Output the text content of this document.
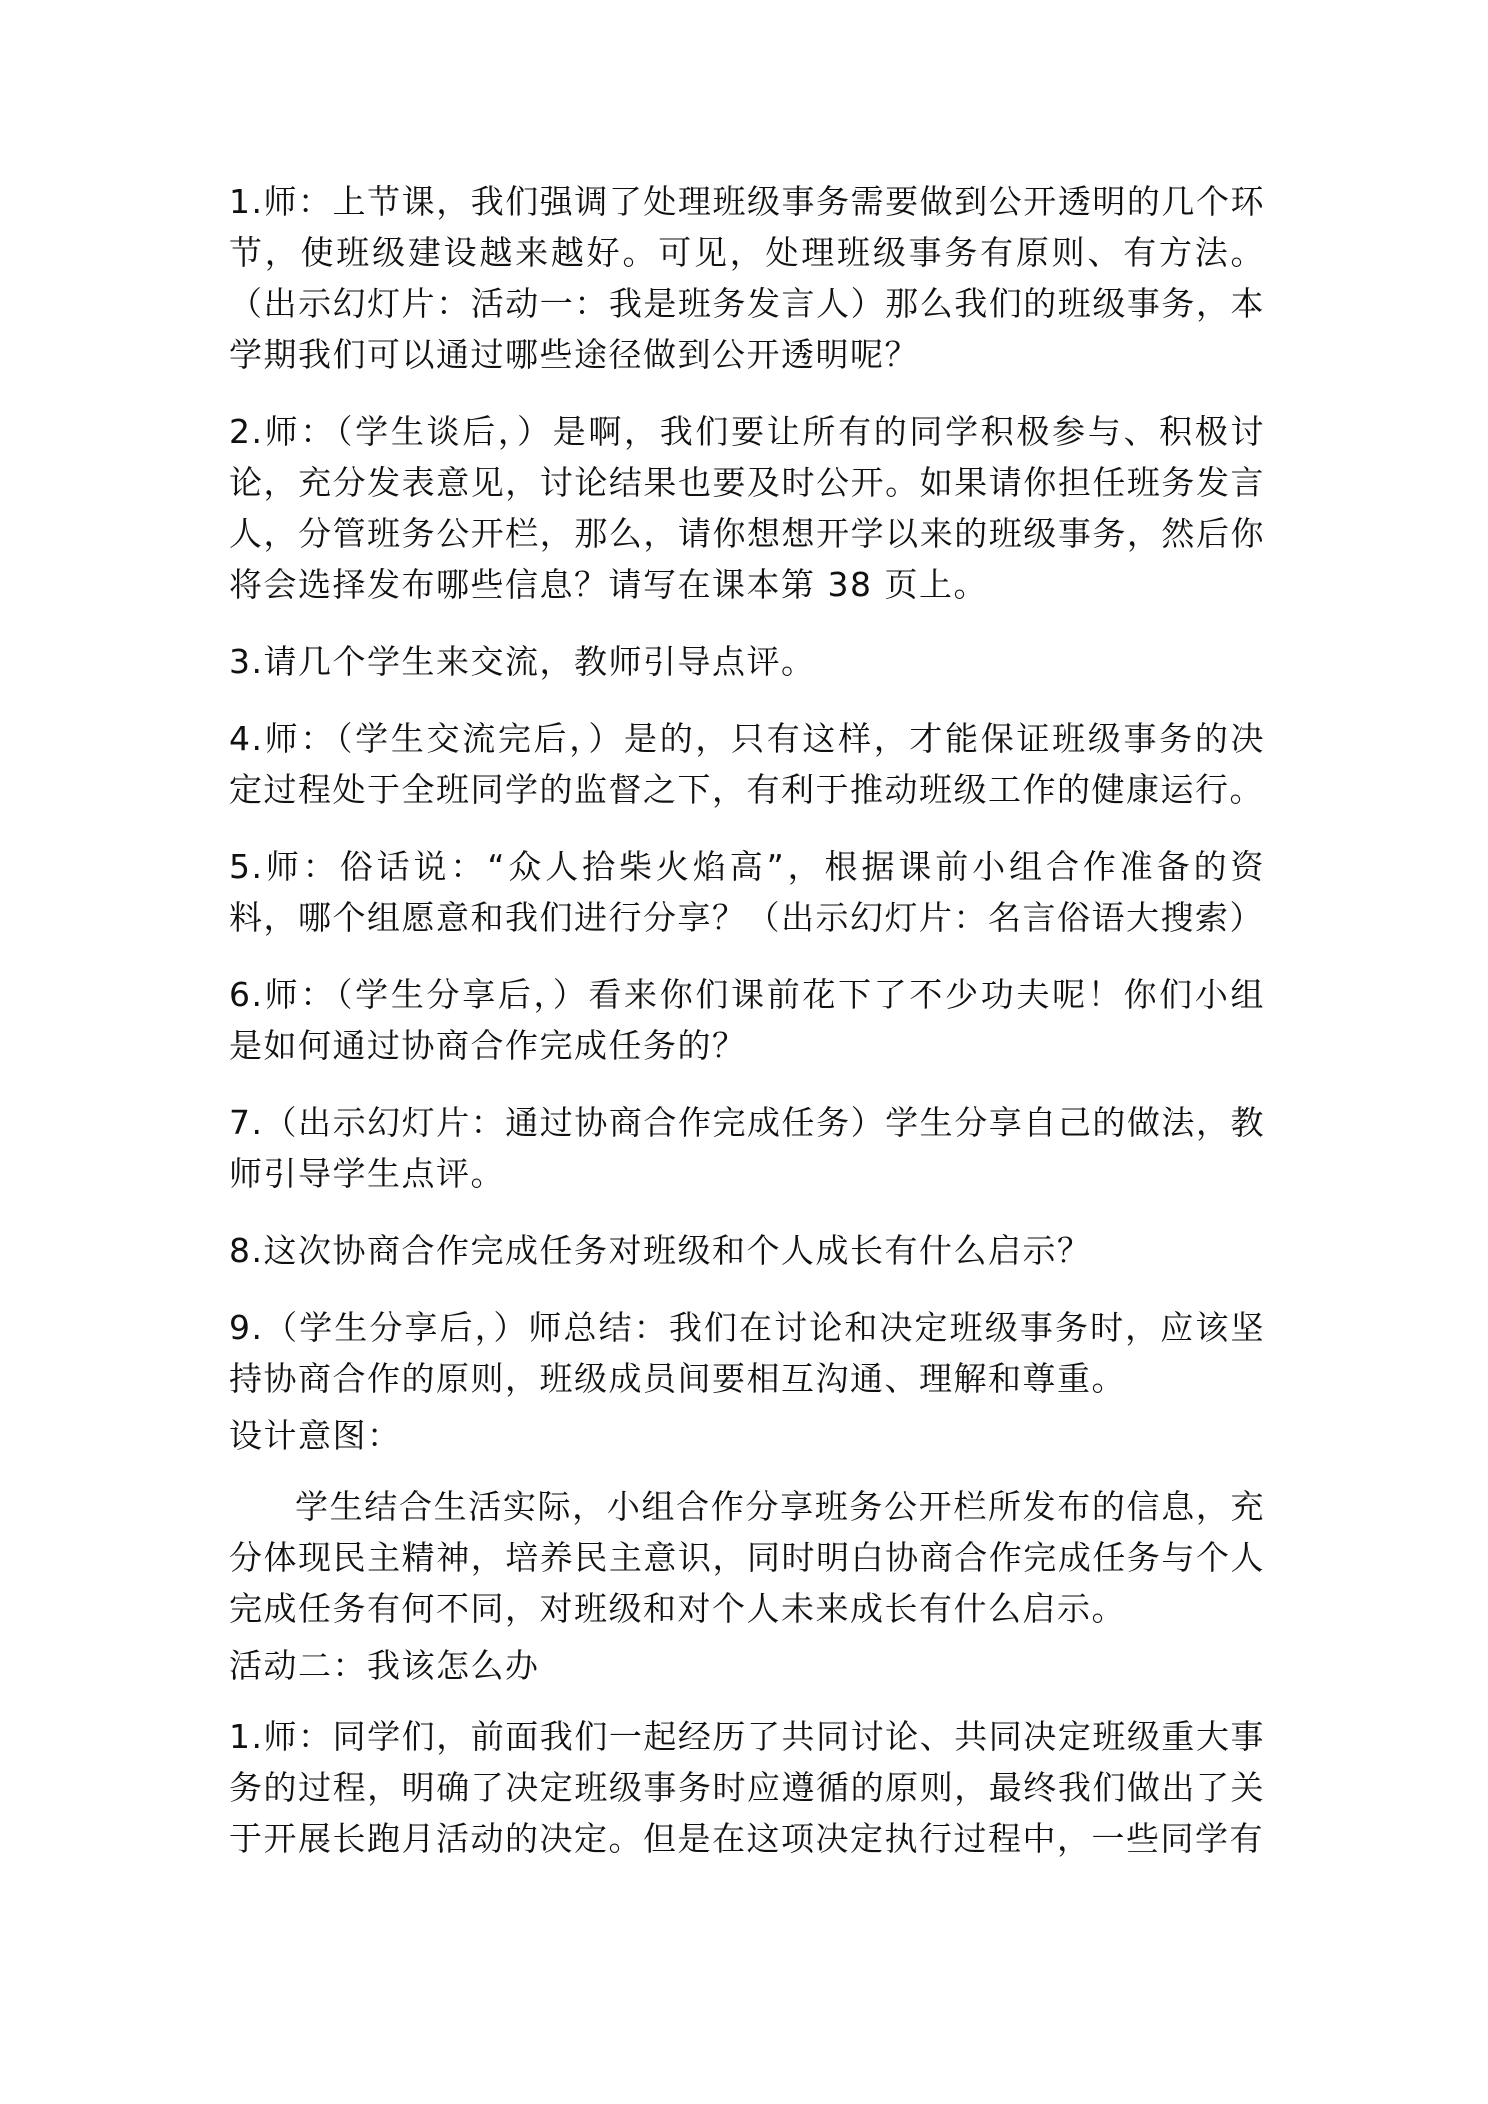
1.师：上节课，我们强调了处理班级事务需要做到公开透明的几个环节，使班级建设越来越好。可见，处理班级事务有原则、有方法。（出示幻灯片：活动一：我是班务发言人）那么我们的班级事务，本学期我们可以通过哪些途径做到公开透明呢？

2.师：（学生谈后，）是啊，我们要让所有的同学积极参与、积极讨论，充分发表意见，讨论结果也要及时公开。如果请你担任班务发言人，分管班务公开栏，那么，请你想想开学以来的班级事务，然后你将会选择发布哪些信息？请写在课本第 38 页上。

3.请几个学生来交流，教师引导点评。

4.师：（学生交流完后，）是的，只有这样，才能保证班级事务的决定过程处于全班同学的监督之下，有利于推动班级工作的健康运行。

5.师：俗话说：“众人拾柴火焰高”，根据课前小组合作准备的资料，哪个组愿意和我们进行分享？（出示幻灯片：名言俗语大搜索）

6.师：（学生分享后，）看来你们课前花下了不少功夫呢！你们小组是如何通过协商合作完成任务的？

7.（出示幻灯片：通过协商合作完成任务）学生分享自己的做法，教师引导学生点评。

8.这次协商合作完成任务对班级和个人成长有什么启示？

9.（学生分享后，）师总结：我们在讨论和决定班级事务时，应该坚持协商合作的原则，班级成员间要相互沟通、理解和尊重。

设计意图：

学生结合生活实际，小组合作分享班务公开栏所发布的信息，充分体现民主精神，培养民主意识，同时明白协商合作完成任务与个人完成任务有何不同，对班级和对个人未来成长有什么启示。

活动二：我该怎么办

1.师：同学们，前面我们一起经历了共同讨论、共同决定班级重大事务的过程，明确了决定班级事务时应遵循的原则，最终我们做出了关于开展长跑月活动的决定。但是在这项决定执行过程中，一些同学有
